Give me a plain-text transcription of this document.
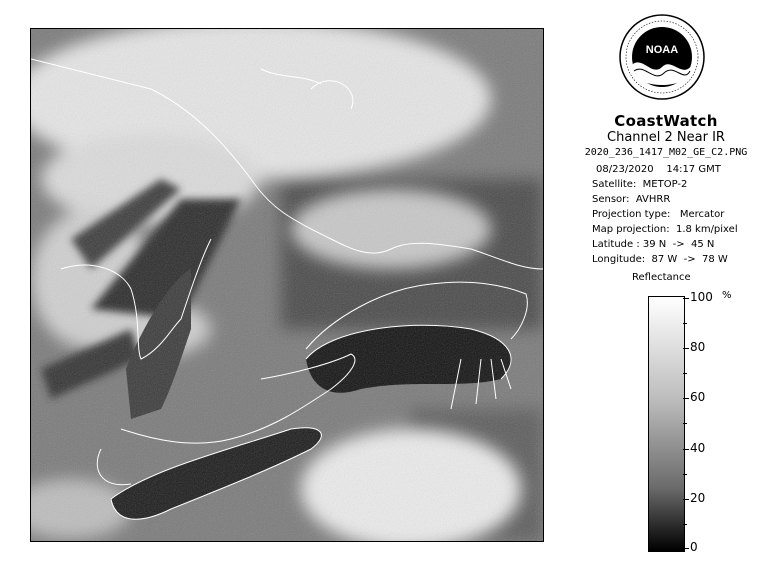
NOAA
CoastWatch
Channel 2 Near IR
2020_236_1417_M02_GE_C2.PNG
08/23/2020    14:17 GMT
Satellite:  METOP-2
Sensor:  AVHRR
Projection type:   Mercator
Map projection:  1.8 km/pixel
Latitude : 39 N  ->  45 N
Longitude:  87 W  ->  78 W
Reflectance
%
100
80
60
40
20
0
